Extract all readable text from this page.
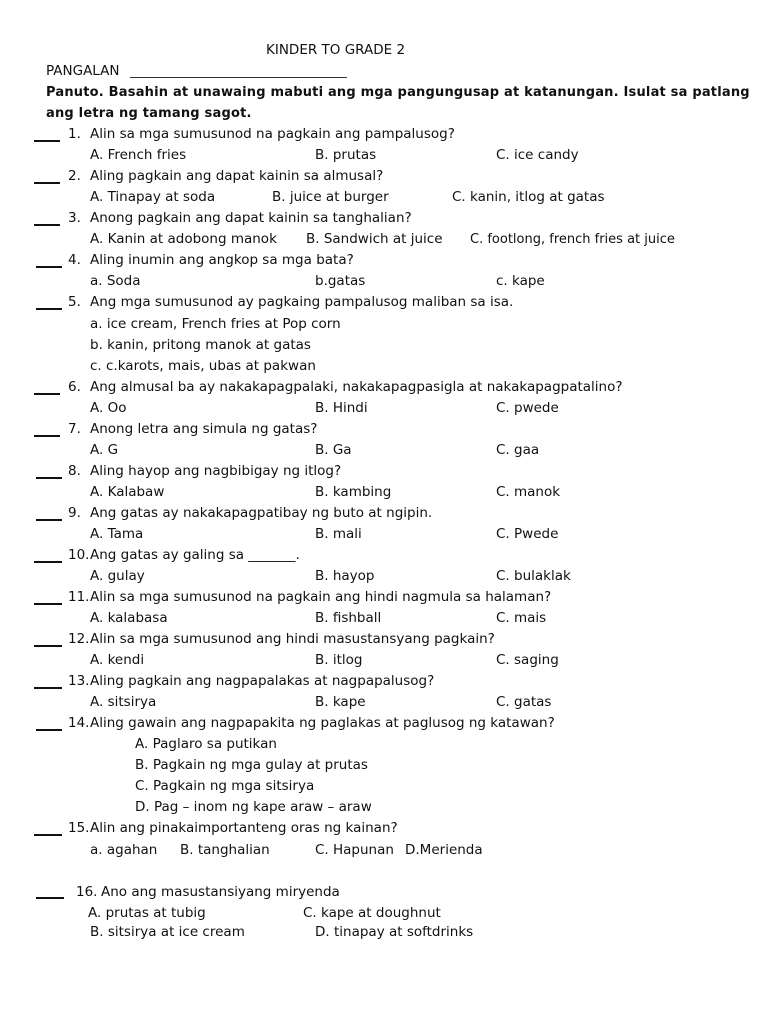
KINDER TO GRADE 2
PANGALAN ______________________________________
Panuto. Basahin at unawaing mabuti ang mga pangungusap at katanungan. Isulat sa patlang
ang letra ng tamang sagot.
1. Alin sa mga sumusunod na pagkain ang pampalusog?
A. French fries	B. prutas	C. ice candy
2. Aling pagkain ang dapat kainin sa almusal?
A. Tinapay at soda	B. juice at burger	C. kanin, itlog at gatas
3. Anong pagkain ang dapat kainin sa tanghalian?
A. Kanin at adobong manok B. Sandwich at juice C. footlong, french fries at juice
4. Aling inumin ang angkop sa mga bata?
a. Soda	b.gatas	c. kape
5. Ang mga sumusunod ay pagkaing pampalusog maliban sa isa.
a. ice cream, French fries at Pop corn
b. kanin, pritong manok at gatas
c. c.karots, mais, ubas at pakwan
6. Ang almusal ba ay nakakapagpalaki, nakakapagpasigla at nakakapagpatalino?
A. Oo	B. Hindi	C. pwede
7. Anong letra ang simula ng gatas?
A. G	B. Ga	C. gaa
8. Aling hayop ang nagbibigay ng itlog?
A. Kalabaw	B. kambing	C. manok
9. Ang gatas ay nakakapagpatibay ng buto at ngipin.
A. Tama	B. mali	C. Pwede
10. Ang gatas ay galing sa _______.
A. gulay	B. hayop	C. bulaklak
11. Alin sa mga sumusunod na pagkain ang hindi nagmula sa halaman?
A. kalabasa	B. fishball	C. mais
12. Alin sa mga sumusunod ang hindi masustansyang pagkain?
A. kendi	B. itlog	C. saging
13. Aling pagkain ang nagpapalakas at nagpapalusog?
A. sitsirya	B. kape	C. gatas
14. Aling gawain ang nagpapakita ng paglakas at paglusog ng katawan?
A. Paglaro sa putikan
B. Pagkain ng mga gulay at prutas
C. Pagkain ng mga sitsirya
D. Pag – inom ng kape araw – araw
15. Alin ang pinakaimportanteng oras ng kainan?
a. agahan B. tanghalian	C. Hapunan D.Merienda
16. Ano ang masustansiyang miryenda
A. prutas at tubig	C. kape at doughnut
B. sitsirya at ice cream	D. tinapay at softdrinks
